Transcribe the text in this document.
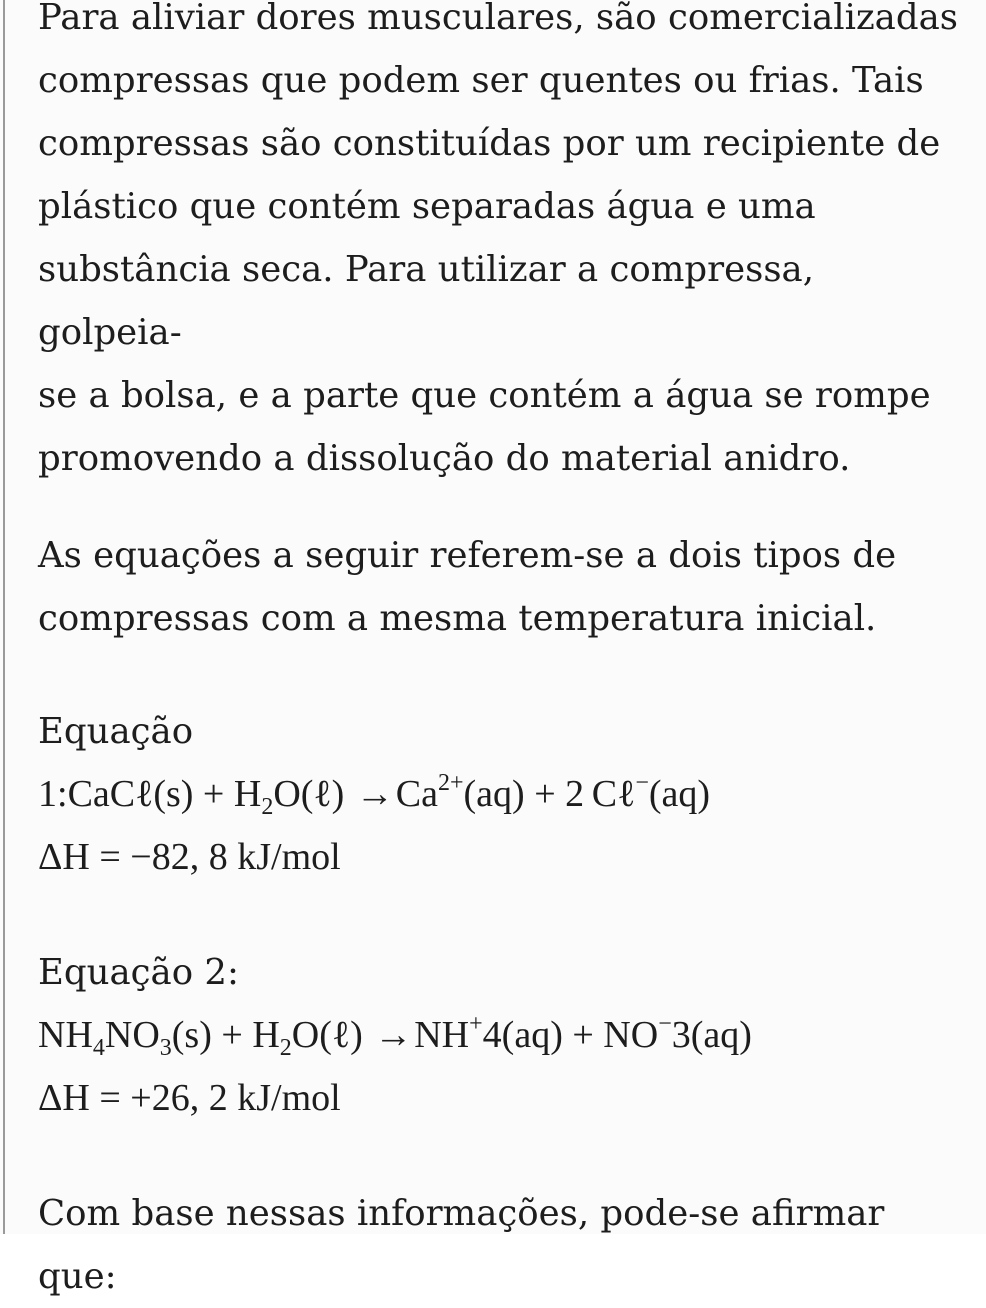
Para aliviar dores musculares, são comercializadas

compressas que podem ser quentes ou frias. Tais

compressas são constituídas por um recipiente de

plástico que contém separadas água e uma

substância seca. Para utilizar a compressa, golpeia-

se a bolsa, e a parte que contém a água se rompe

promovendo a dissolução do material anidro.

As equações a seguir referem-se a dois tipos de

compressas com a mesma temperatura inicial.

Equação

1:CaCℓ(s) + $H_2O(\ell) \to Ca^{2+}(aq) + 2$  Cℓ−(aq)

ΔH = −82, 8 kJ/mol

Equação 2:

$NH_4NO_3(s)$ + $H_2O(\ell) \to NH^+4(aq) + NO^-3(aq)$

ΔH = +26, 2 kJ/mol

Com base nessas informações, pode-se afirmar

que:
